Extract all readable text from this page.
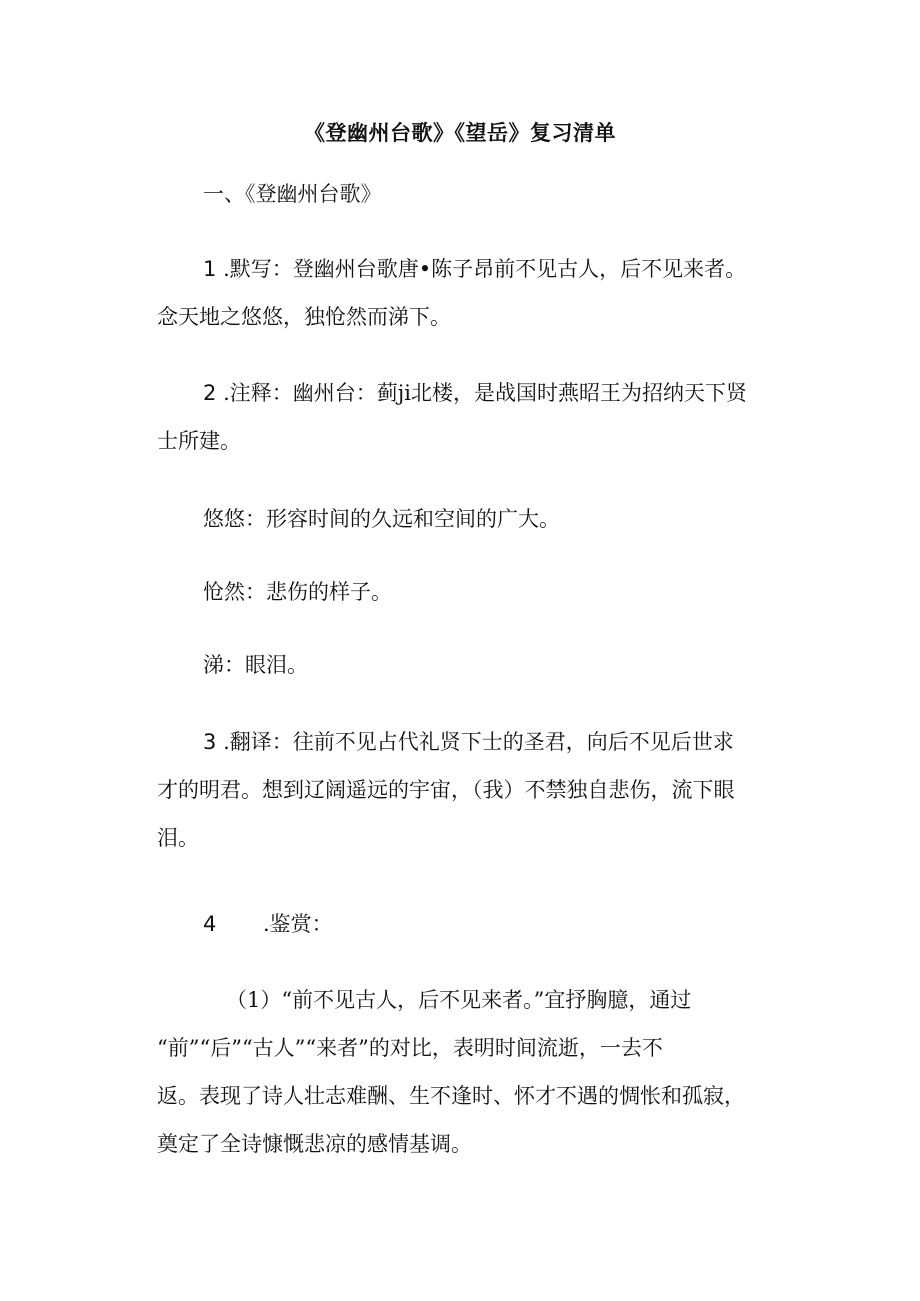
《登幽州台歌》《望岳》复习清单
一、《登幽州台歌》
1 .默写：登幽州台歌唐•陈子昂前不见古人，后不见来者。
念天地之悠悠，独怆然而涕下。
2 .注释：幽州台：蓟ji北楼，是战国时燕昭王为招纳天下贤
士所建。
悠悠：形容时间的久远和空间的广大。
怆然：悲伤的样子。
涕：眼泪。
3 .翻译：往前不见占代礼贤下士的圣君，向后不见后世求
才的明君。想到辽阔遥远的宇宙，（我）不禁独自悲伤，流下眼
泪。
4 .鉴赏：
（1）“前不见古人，后不见来者。”宜抒胸臆，通过
“前”“后”“古人”“来者”的对比，表明时间流逝，一去不
返。表现了诗人壮志难酬、生不逢时、怀才不遇的惆怅和孤寂，
奠定了全诗慷慨悲凉的感情基调。
